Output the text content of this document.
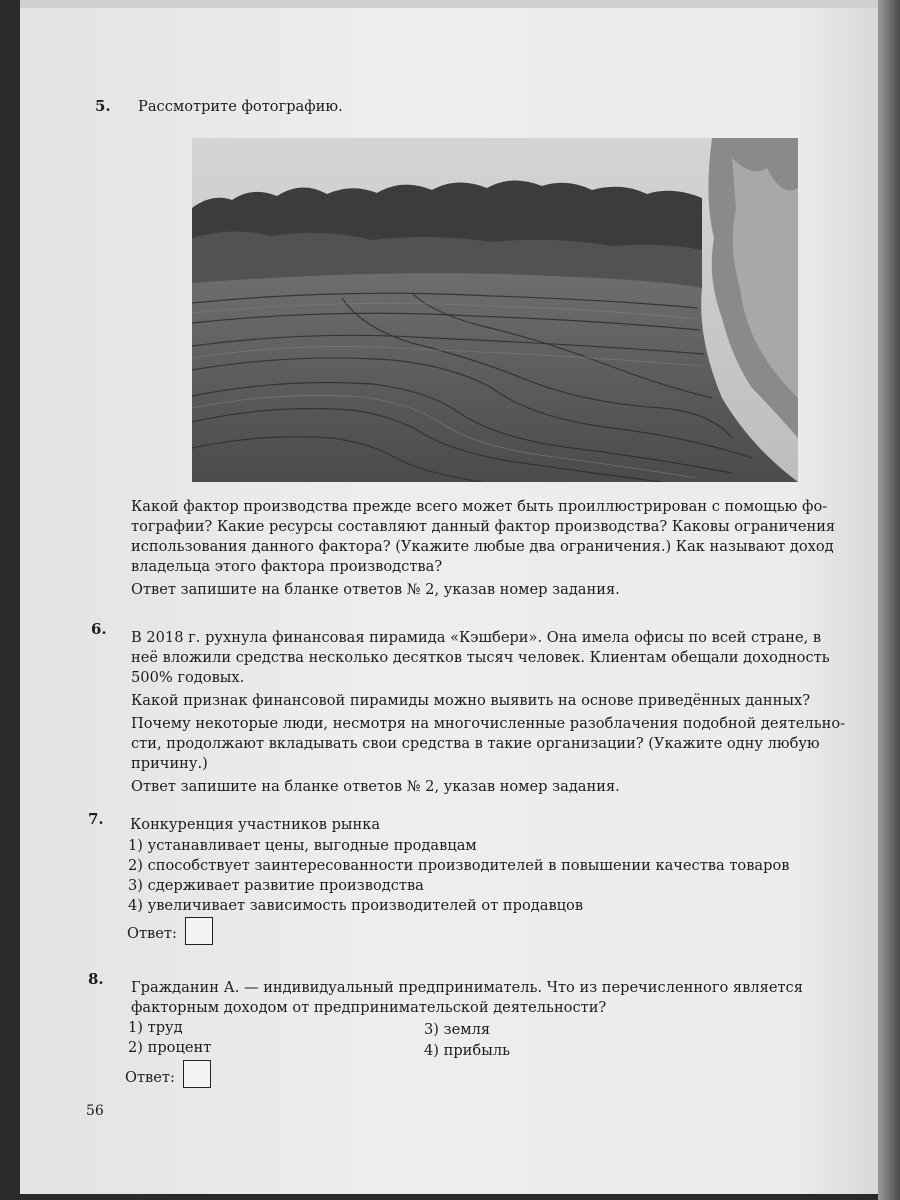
5. Рассмотрите фотографию.
Какой фактор производства прежде всего может быть проиллюстрирован с помощью фо-
тографии? Какие ресурсы составляют данный фактор производства? Каковы ограничения
использования данного фактора? (Укажите любые два ограничения.) Как называют доход
владельца этого фактора производства?
Ответ запишите на бланке ответов № 2, указав номер задания.
6. В 2018 г. рухнула финансовая пирамида «Кэшбери». Она имела офисы по всей стране, в
неё вложили средства несколько десятков тысяч человек. Клиентам обещали доходность
500% годовых.
Какой признак финансовой пирамиды можно выявить на основе приведённых данных?
Почему некоторые люди, несмотря на многочисленные разоблачения подобной деятельно-
сти, продолжают вкладывать свои средства в такие организации? (Укажите одну любую
причину.)
Ответ запишите на бланке ответов № 2, указав номер задания.
7. Конкуренция участников рынка
1) устанавливает цены, выгодные продавцам
2) способствует заинтересованности производителей в повышении качества товаров
3) сдерживает развитие производства
4) увеличивает зависимость производителей от продавцов
Ответ:
8. Гражданин А. — индивидуальный предприниматель. Что из перечисленного является
факторным доходом от предпринимательской деятельности?
1) труд
2) процент
3) земля
4) прибыль
Ответ:
56
